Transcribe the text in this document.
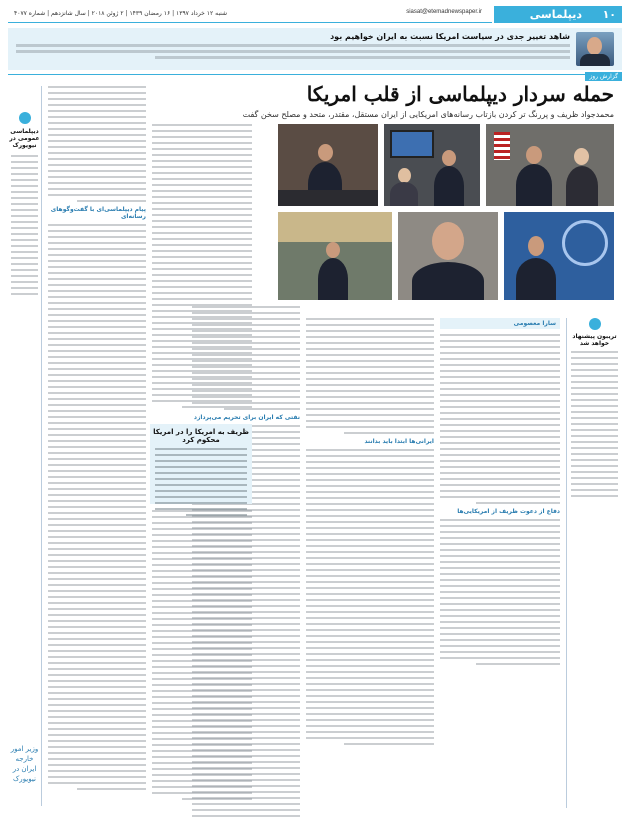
۱۰
دیپلماسی
siasat@etemadnewspaper.ir
شنبه ۱۲ خرداد ۱۳۹۷ | ۱۶ رمضان ۱۴۳۹ | ۲ ژوئن ۲۰۱۸ | سال شانزدهم | شماره ۴۰۷۷
شاهد تغییر جدی در سیاست امریکا نسبت به ایران خواهیم بود
گزارش روز
حمله سردار دیپلماسی از قلب امریکا
محمدجواد ظریف و پررنگ تر کردن بازتاب رسانه‌های امریکایی از ایران مستقل، مقتدر، متحد و مصلح سخن گفت
سارا معصومی
دفاع از دعوت ظریف از امریکایی‌ها
ایرانی‌ها ابتدا باید بدانند
نفتی که ایران برای تحریم می‌پردازد
ظریف به امریکا را در امریکا محکوم کرد
پیام دیپلماسی‌ای با گفت‌وگوهای رسانه‌ای
دیپلماسی عمومی در نیویورک
وزیر امور خارجه ایران در نیویورک
تریبون پیشنهاد خواهد شد
